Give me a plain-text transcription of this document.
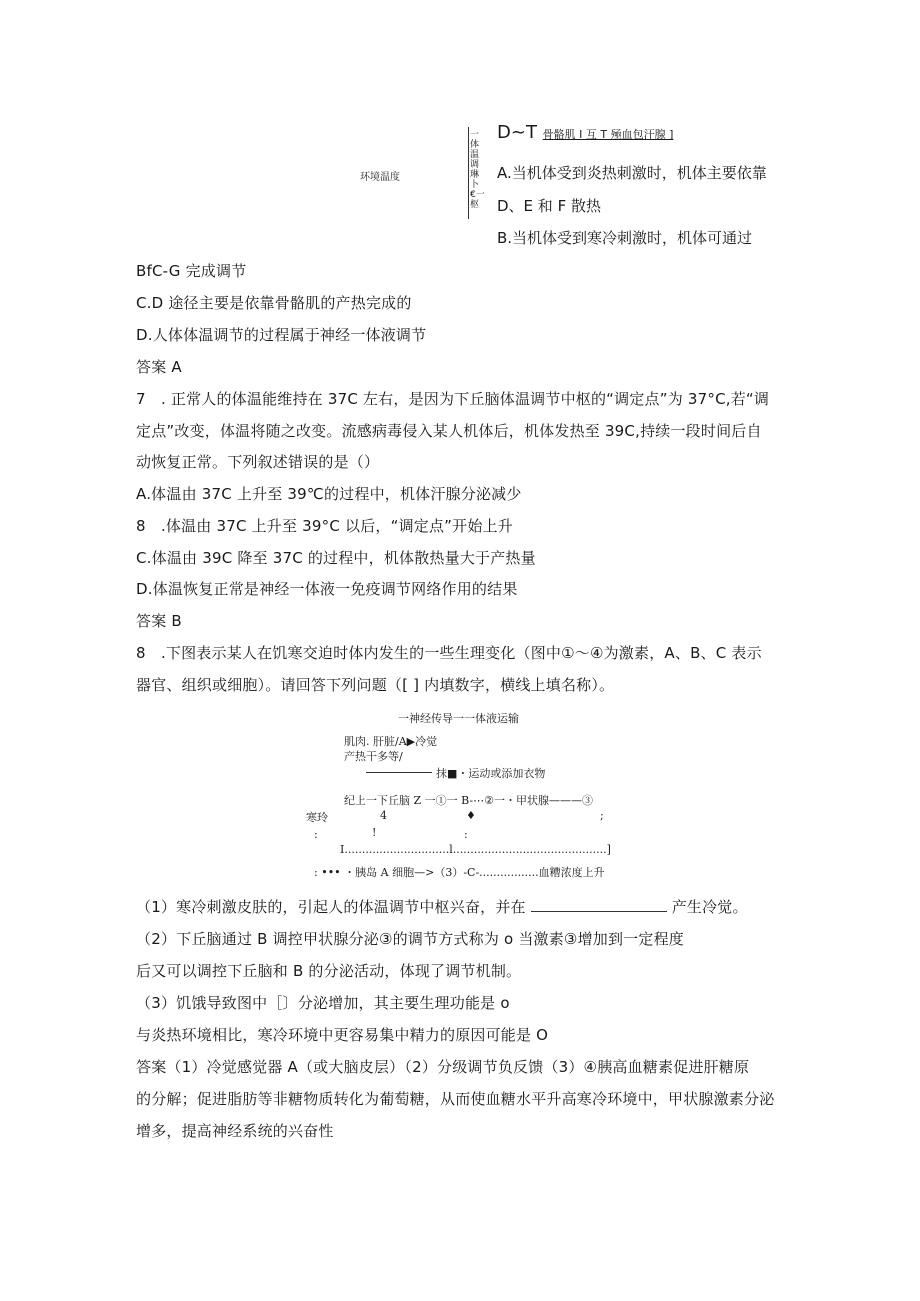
环境温度
一体温调琳卜€一枢
D~T 骨骼肌 I 互 T 殛血包汗腺 ]
A.当机体受到炎热刺激时，机体主要依靠
D、E 和 F 散热
B.当机体受到寒冷刺激时，机体可通过
BfC-G 完成调节
C.D 途径主要是依靠骨骼肌的产热完成的
D.人体体温调节的过程属于神经一体液调节
答案 A
7　. 正常人的体温能维持在 37C 左右，是因为下丘脑体温调节中枢的“调定点”为 37°C,若“调
定点”改变，体温将随之改变。流感病毒侵入某人机体后，机体发热至 39C,持续一段时间后自
动恢复正常。下列叙述错误的是（）
A.体温由 37C 上升至 39℃的过程中，机体汗腺分泌减少
8　.体温由 37C 上升至 39°C 以后，“调定点”开始上升
C.体温由 39C 降至 37C 的过程中，机体散热量大于产热量
D.体温恢复正常是神经一体液一免疫调节网络作用的结果
答案 B
8　.下图表示某人在饥寒交迫时体内发生的一些生理变化（图中①～④为激素，A、B、C 表示
器官、组织或细胞）。请回答下列问题（[ ] 内填数字，横线上填名称）。
一神经传导一一体液运输
肌肉. 肝脏/A▶冷觉
产热干多等/
抹■・运动或添加衣物
纪上一下丘脑 Z 一①一 B-⋯②一・甲状腺———③
寒玲	4	♦	;
:	!	:
I..............................l............................................]
: ••• ・胰岛 A 细胞—>（3）-C-.................血糟浓度上升
（1）寒冷刺激皮肤的，引起人的体温调节中枢兴奋，并在	产生冷觉。
（2）下丘脑通过 B 调控甲状腺分泌③的调节方式称为 o 当激素③增加到一定程度
后又可以调控下丘脑和 B 的分泌活动，体现了调节机制。
（3）饥饿导致图中［〕分泌增加，其主要生理功能是 o
与炎热环境相比，寒冷环境中更容易集中精力的原因可能是 O
答案（1）冷觉感觉器 A（或大脑皮层）（2）分级调节负反馈（3）④胰高血糖素促进肝糖原
的分解；促进脂肪等非糖物质转化为葡萄糖，从而使血糖水平升高寒冷环境中，甲状腺激素分泌
增多，提高神经系统的兴奋性
